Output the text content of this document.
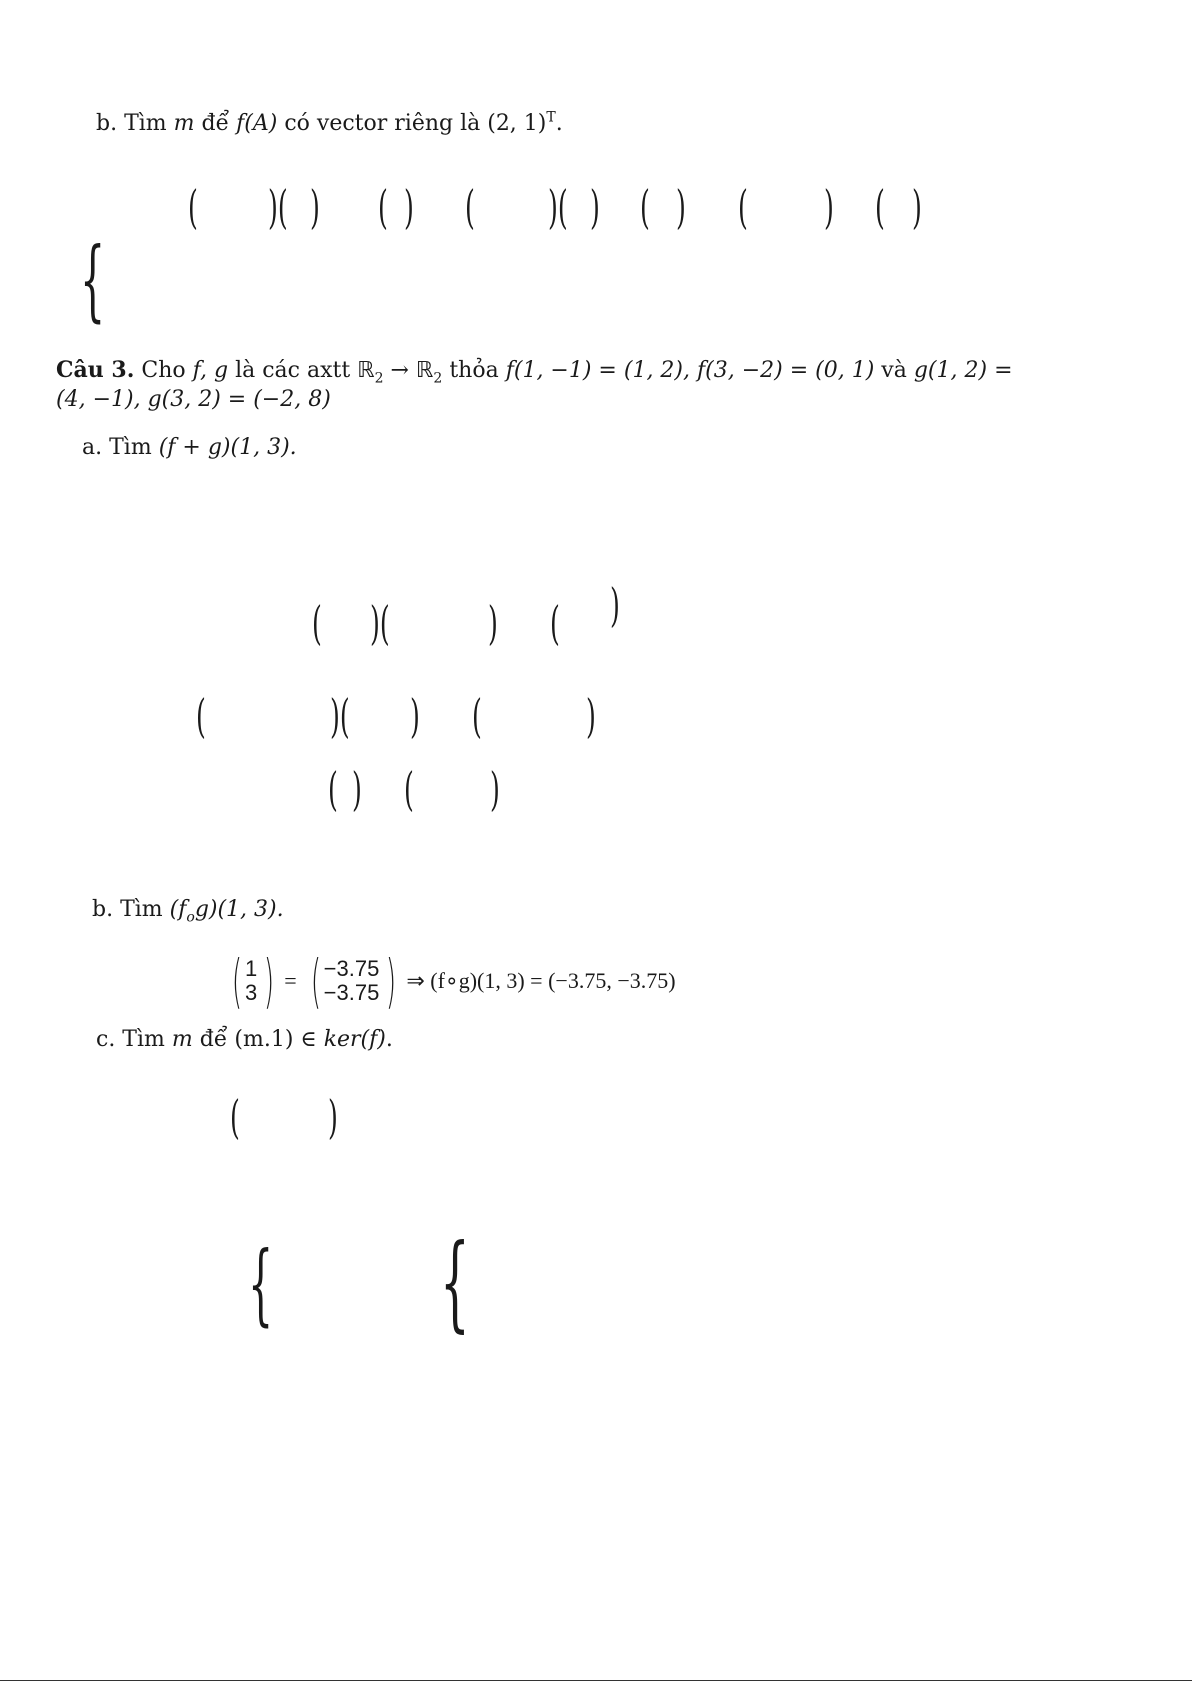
b. Tìm m để f(A) có vector riêng là (2, 1)$^T$.
( )( ) ( ) ( )( ) ( ) ( ) ( )
{
Câu 3. Cho f, g là các axtt ℝ$_2$ → ℝ$_2$ thỏa f(1, −1) = (1, 2), f(3, −2) = (0, 1) và g(1, 2) =
(4, −1), g(3, 2) = (−2, 8)
a. Tìm (f + g)(1, 3).
( )( ) ( )
(	)( ) ( )
( ) ( )
b. Tìm $(f_og)(1$, 3).
( 1
3 ) = ( −3.75
−3.75 ) ⇒ (f∘g)(1, 3) = (−3.75, −3.75)
c. Tìm m để (m.1) ∈ ker(f).
( )
{ {
